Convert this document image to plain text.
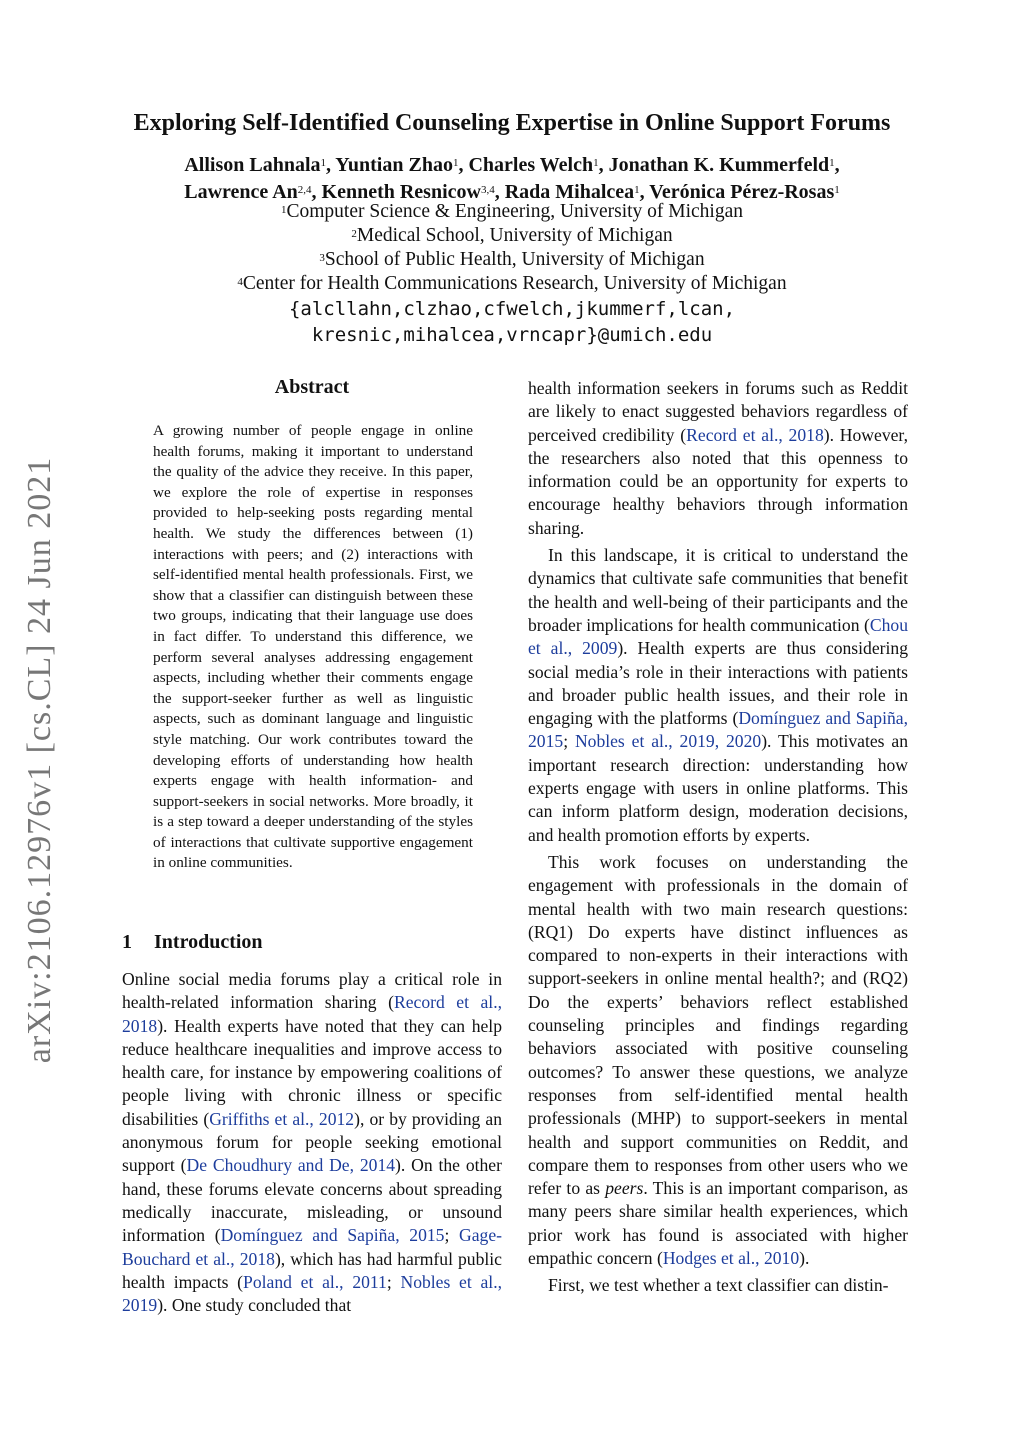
arXiv:2106.12976v1 [cs.CL] 24 Jun 2021
Exploring Self-Identified Counseling Expertise in Online Support Forums
Allison Lahnala$^1$, Yuntian Zhao$^1$, Charles Welch$^1$, Jonathan K. Kummerfeld$^1$,
Lawrence An$^{2,4}$, Kenneth Resnicow$^{3,4}$, Rada Mihalcea$^1$, Verónica Pérez-Rosas$^1$
$^1$Computer Science & Engineering, University of Michigan
$^2$Medical School, University of Michigan
$^3$School of Public Health, University of Michigan
$^4$Center for Health Communications Research, University of Michigan
{alcllahn,clzhao,cfwelch,jkummerf,lcan,
kresnic,mihalcea,vrncapr}@umich.edu
Abstract

A growing number of people engage in online health forums, making it important to understand the quality of the advice they receive. In this paper, we explore the role of expertise in responses provided to help-seeking posts regarding mental health. We study the differences between (1) interactions with peers; and (2) interactions with self-identified mental health professionals. First, we show that a classifier can distinguish between these two groups, indicating that their language use does in fact differ. To understand this difference, we perform several analyses addressing engagement aspects, including whether their comments engage the support-seeker further as well as linguistic aspects, such as dominant language and linguistic style matching. Our work contributes toward the developing efforts of understanding how health experts engage with health information- and support-seekers in social networks. More broadly, it is a step toward a deeper understanding of the styles of interactions that cultivate supportive engagement in online communities.

1 Introduction

Online social media forums play a critical role in health-related information sharing (Record et al., 2018). Health experts have noted that they can help reduce healthcare inequalities and improve access to health care, for instance by empowering coalitions of people living with chronic illness or specific disabilities (Griffiths et al., 2012), or by providing an anonymous forum for people seeking emotional support (De Choudhury and De, 2014). On the other hand, these forums elevate concerns about spreading medically inaccurate, misleading, or unsound information (Domínguez and Sapiña, 2015; Gage-Bouchard et al., 2018), which has had harmful public health impacts (Poland et al., 2011; Nobles et al., 2019). One study concluded that

health information seekers in forums such as Reddit are likely to enact suggested behaviors regardless of perceived credibility (Record et al., 2018). However, the researchers also noted that this openness to information could be an opportunity for experts to encourage healthy behaviors through information sharing.

In this landscape, it is critical to understand the dynamics that cultivate safe communities that benefit the health and well-being of their participants and the broader implications for health communication (Chou et al., 2009). Health experts are thus considering social media’s role in their interactions with patients and broader public health issues, and their role in engaging with the platforms (Domínguez and Sapiña, 2015; Nobles et al., 2019, 2020). This motivates an important research direction: understanding how experts engage with users in online platforms. This can inform platform design, moderation decisions, and health promotion efforts by experts.

This work focuses on understanding the engagement with professionals in the domain of mental health with two main research questions: (RQ1) Do experts have distinct influences as compared to non-experts in their interactions with support-seekers in online mental health?; and (RQ2) Do the experts’ behaviors reflect established counseling principles and findings regarding behaviors associated with positive counseling outcomes? To answer these questions, we analyze responses from self-identified mental health professionals (MHP) to support-seekers in mental health and support communities on Reddit, and compare them to responses from other users who we refer to as peers. This is an important comparison, as many peers share similar health experiences, which prior work has found is associated with higher empathic concern (Hodges et al., 2010).

First, we test whether a text classifier can distin-
